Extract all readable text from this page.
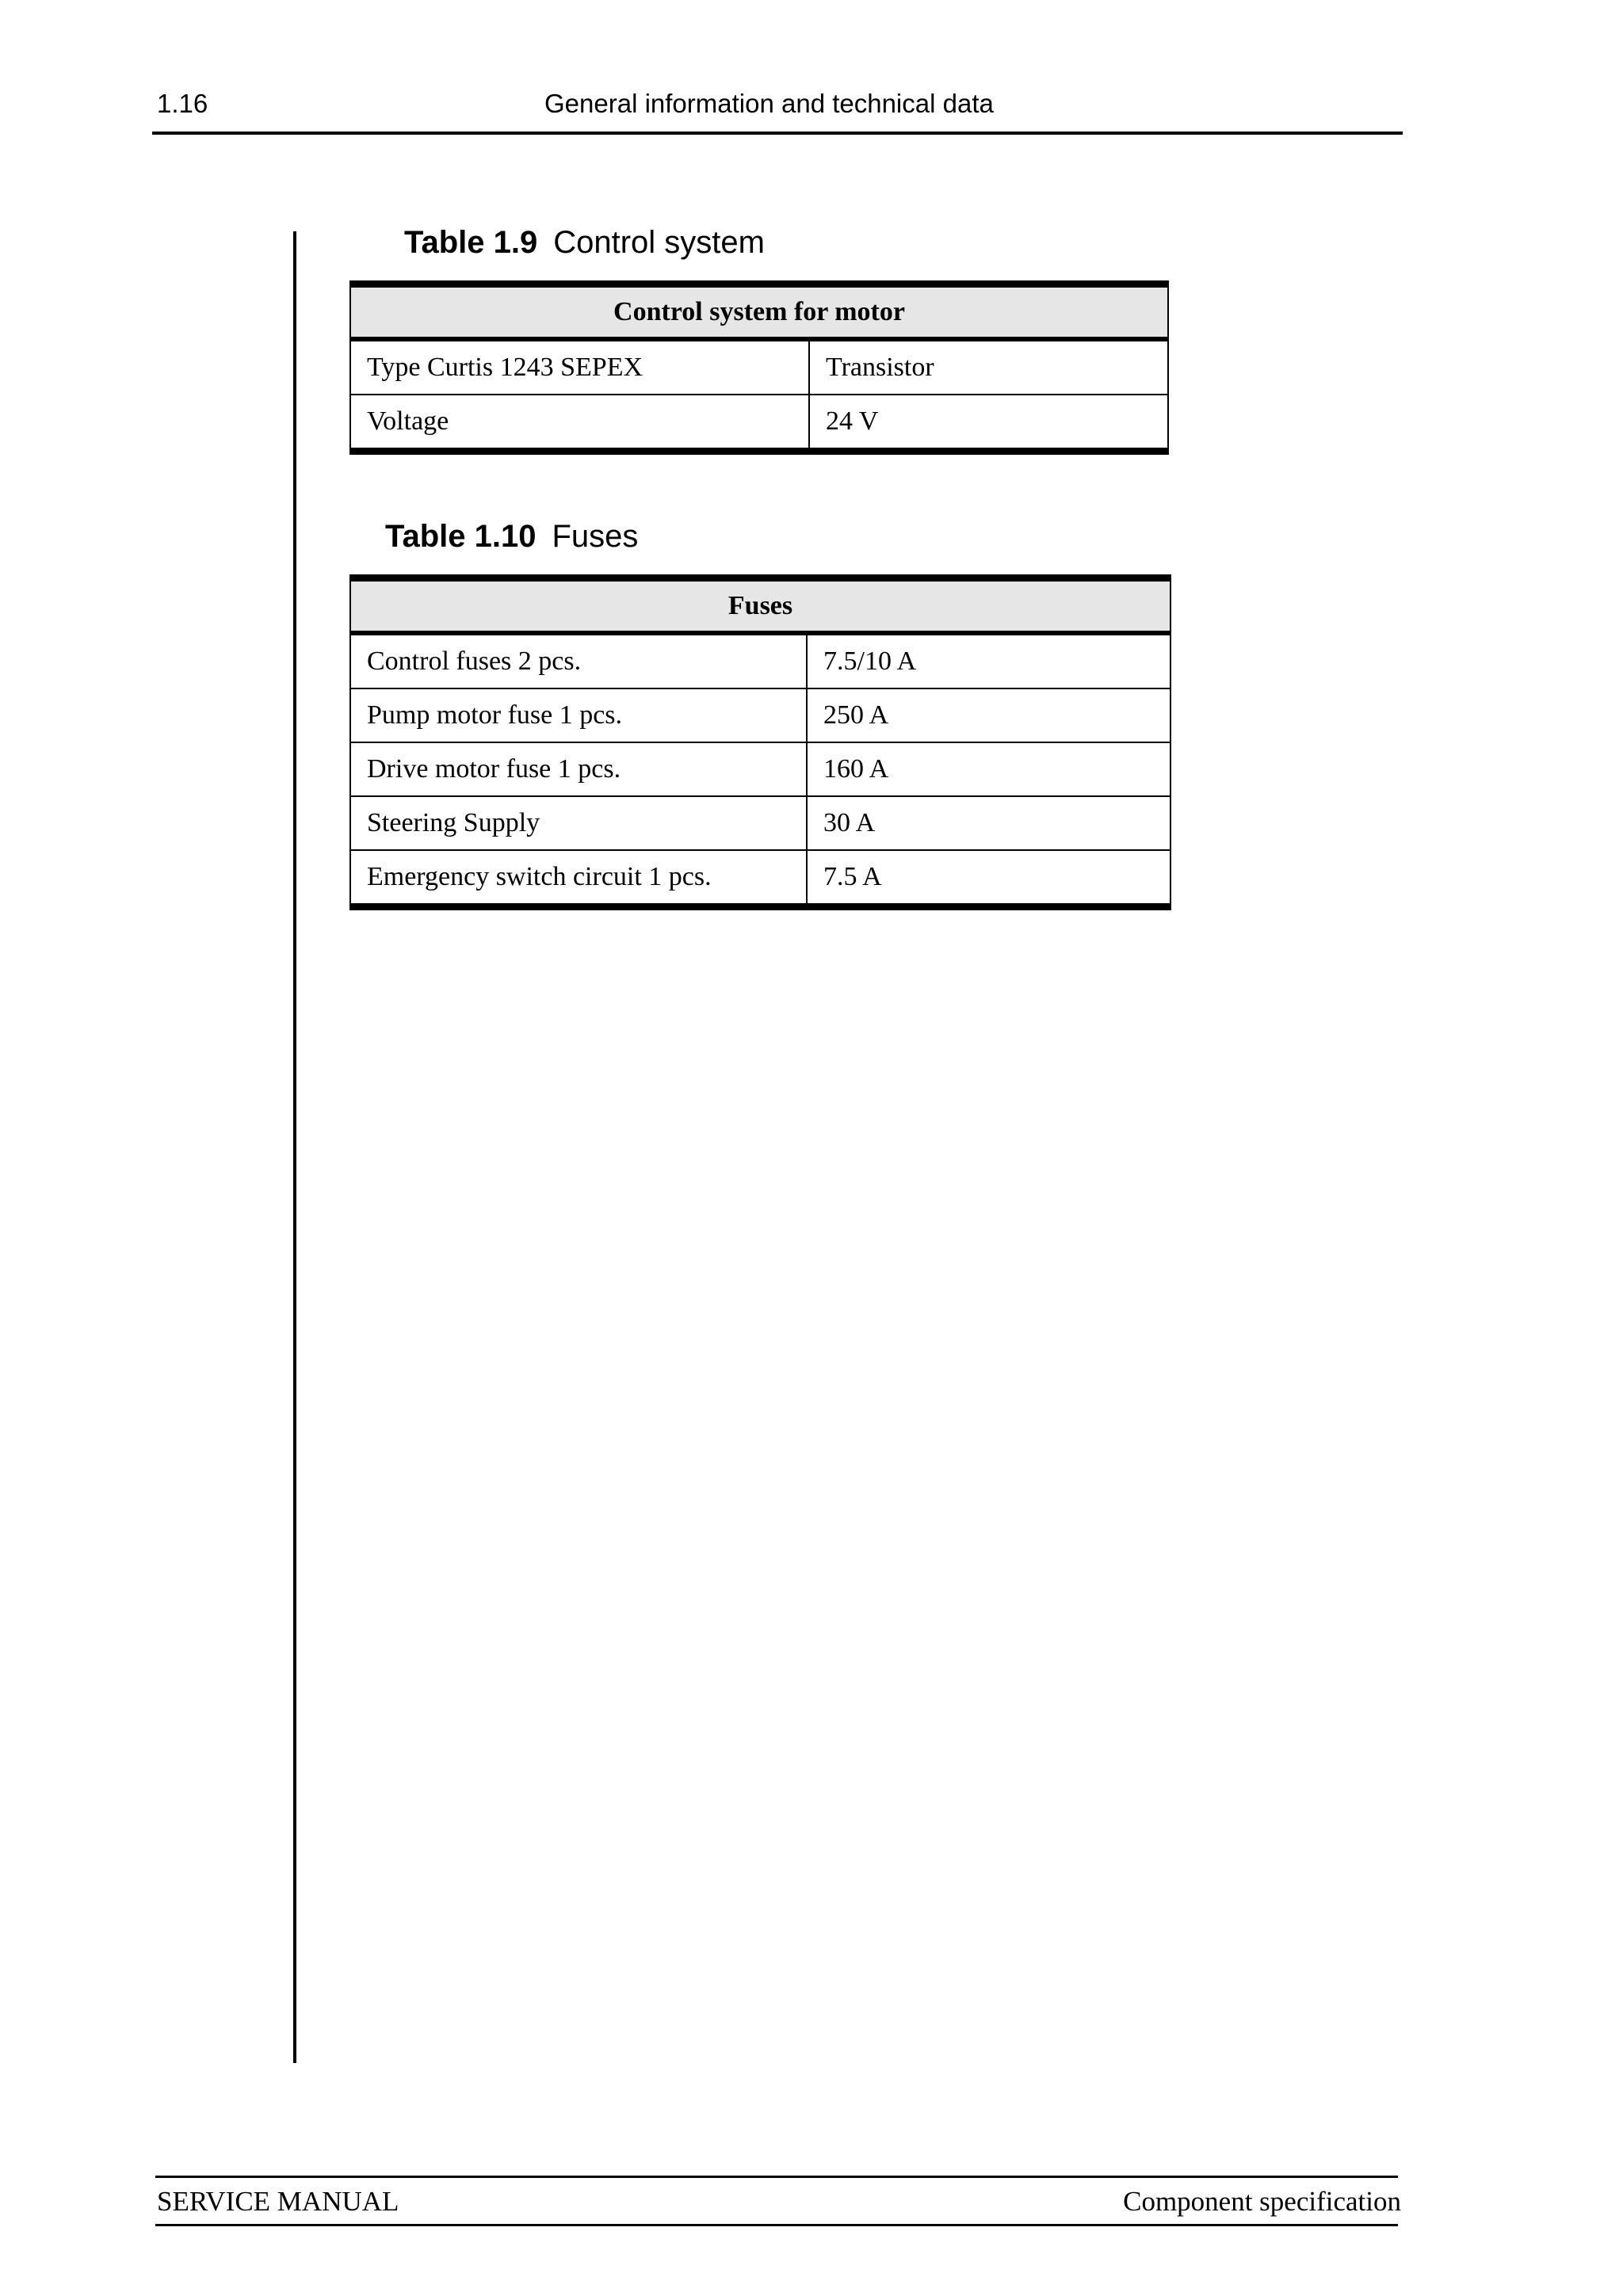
1.16	General information and technical data
Table 1.9 Control system
Control system for motor	
Type Curtis 1243 SEPEX	Transistor
Voltage	24 V
Table 1.10 Fuses
Fuses	
Control fuses 2 pcs.	7.5/10 A
Pump motor fuse 1 pcs.	250 A
Drive motor fuse 1 pcs.	160 A
Steering Supply	30 A
Emergency switch circuit 1 pcs.	7.5 A
SERVICE MANUAL	Component specification
